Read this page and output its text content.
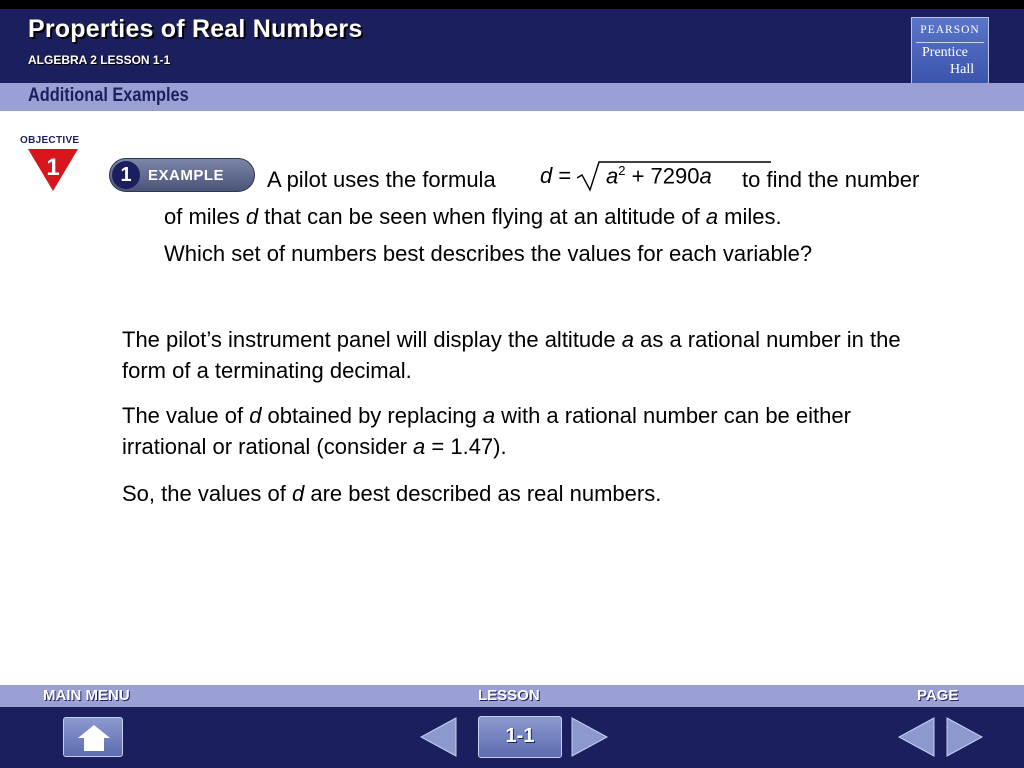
Properties of Real Numbers
ALGEBRA 2 LESSON 1-1
PEARSON
Prentice
Hall
Additional Examples
OBJECTIVE
1	1	EXAMPLE A pilot uses the formula $d = a^2 + 7290a$ to find the number
of miles d that can be seen when flying at an altitude of a miles.
Which set of numbers best describes the values for each variable?
The pilot’s instrument panel will display the altitude a as a rational number in the form of a terminating decimal.
The value of d obtained by replacing a with a rational number can be either irrational or rational (consider a = 1.47).
So, the values of d are best described as real numbers.
MAIN MENU	LESSON	PAGE
1-1
